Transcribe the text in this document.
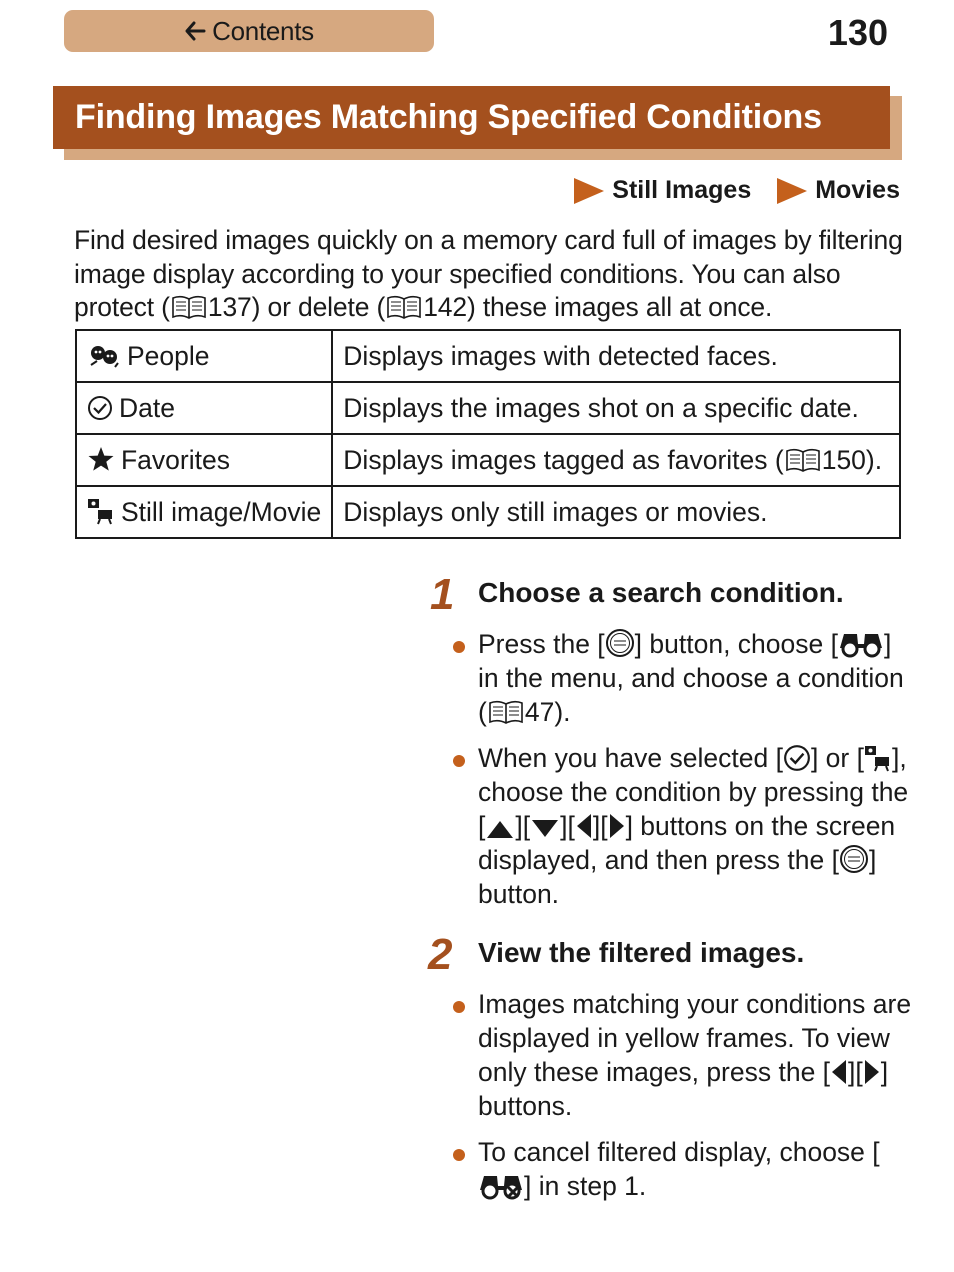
Contents	130
Finding Images Matching Specified Conditions
Still Images	Movies

Find desired images quickly on a memory card full of images by filtering image display according to your specified conditions. You can also protect ( 137) or delete ( 142) these images all at once.

People	Displays images with detected faces.
Date	Displays the images shot on a specific date.
Favorites	Displays images tagged as favorites ( 150).
Still image/Movie	Displays only still images or movies.
1 Choose a search condition.
Press the [ ] button, choose [ ] in the menu, and choose a condition ( 47).
When you have selected [ ] or [ ], choose the condition by pressing the [ ][ ][ ][ ] buttons on the screen displayed, and then press the [ ] button.
2 View the filtered images.
Images matching your conditions are displayed in yellow frames. To view only these images, press the [ ][ ] buttons.
To cancel filtered display, choose [] in step 1.
